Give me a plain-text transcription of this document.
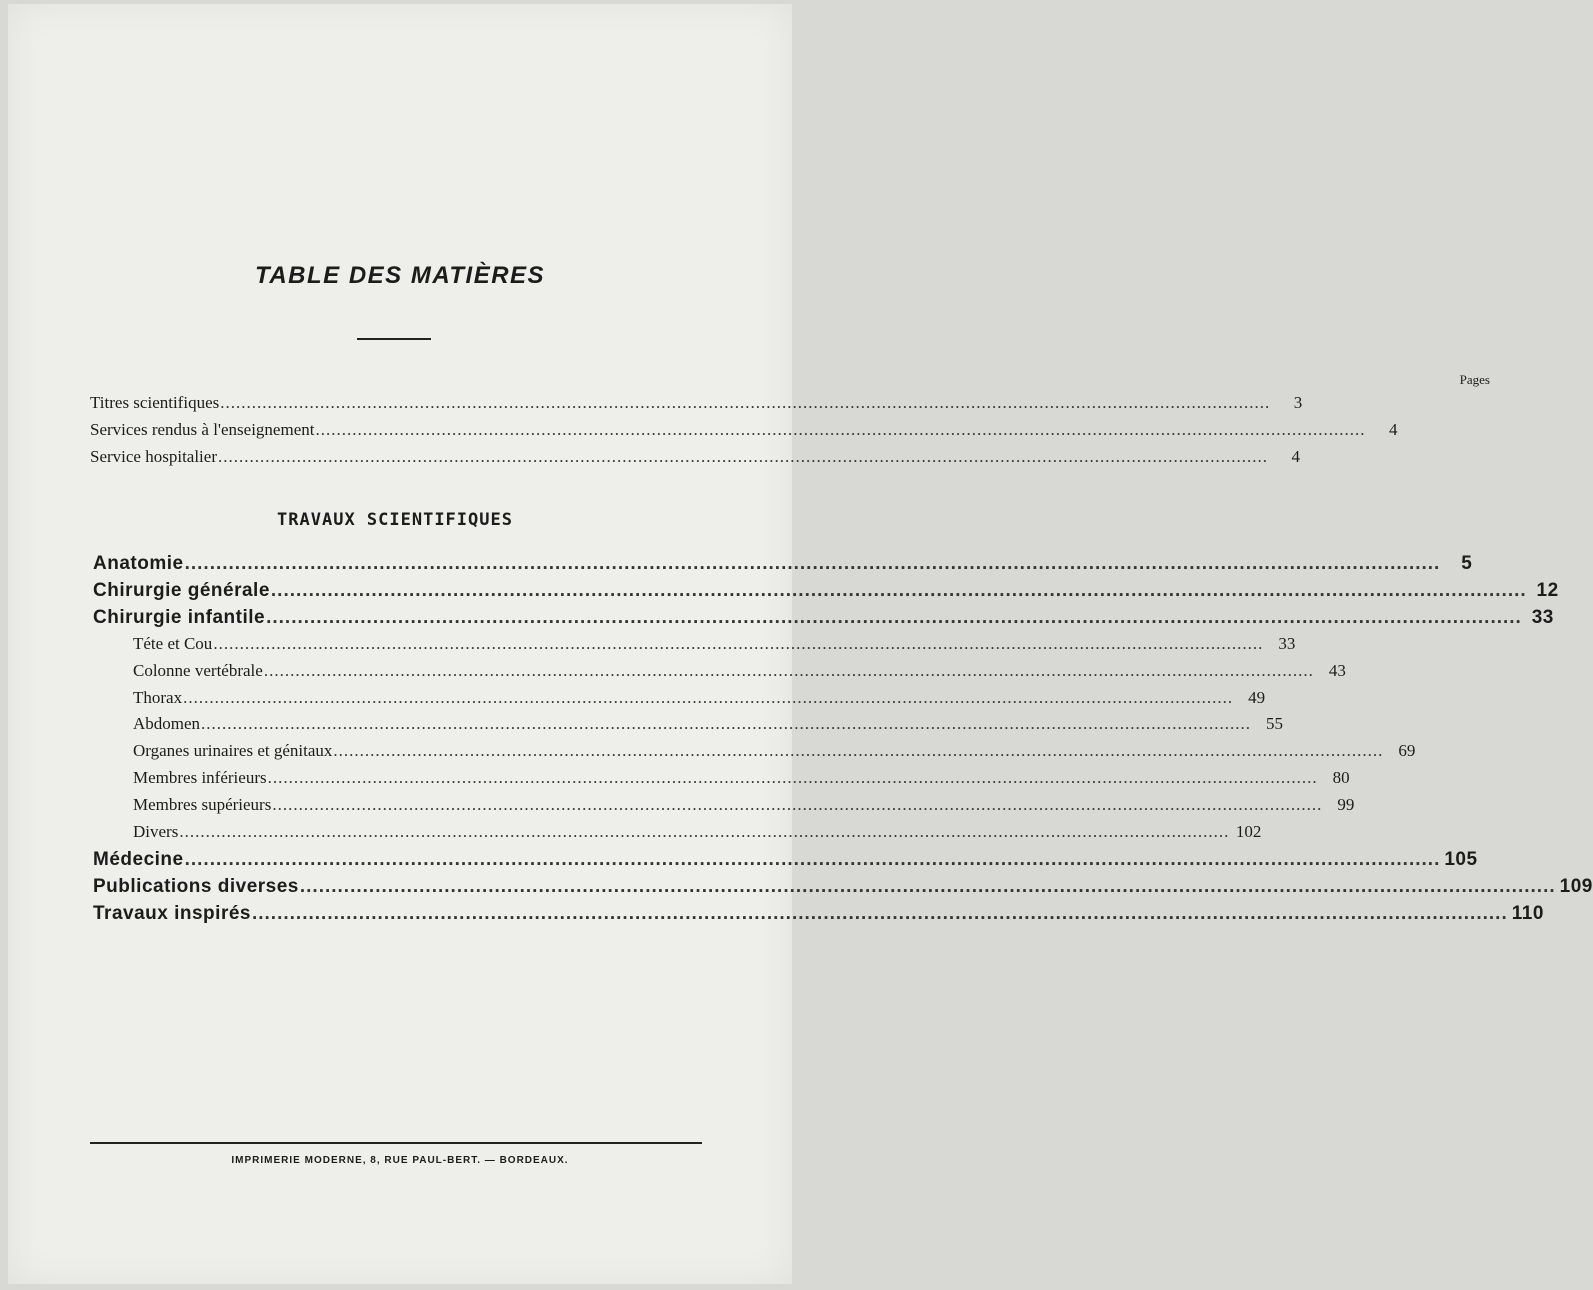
TABLE DES MATIÈRES
Pages
Titres scientifiques ........................................................................................................................................................................................................	3
Services rendus à l'enseignement ........................................................................................................................................................................................................	4
Service hospitalier ........................................................................................................................................................................................................	4
TRAVAUX SCIENTIFIQUES
Anatomie ........................................................................................................................................................................................................	5
Chirurgie générale ........................................................................................................................................................................................................ 12
Chirurgie infantile ........................................................................................................................................................................................................ 33
Téte et Cou ........................................................................................................................................................................................................ 33
Colonne vertébrale ........................................................................................................................................................................................................ 43
Thorax ........................................................................................................................................................................................................ 49
Abdomen ........................................................................................................................................................................................................ 55
Organes urinaires et génitaux ........................................................................................................................................................................................................ 69
Membres inférieurs ........................................................................................................................................................................................................ 80
Membres supérieurs ........................................................................................................................................................................................................ 99
Divers ........................................................................................................................................................................................................ 102
Médecine ........................................................................................................................................................................................................ 105
Publications diverses ........................................................................................................................................................................................................ 109
Travaux inspirés ........................................................................................................................................................................................................ 110
IMPRIMERIE MODERNE, 8, RUE PAUL-BERT. — BORDEAUX.
